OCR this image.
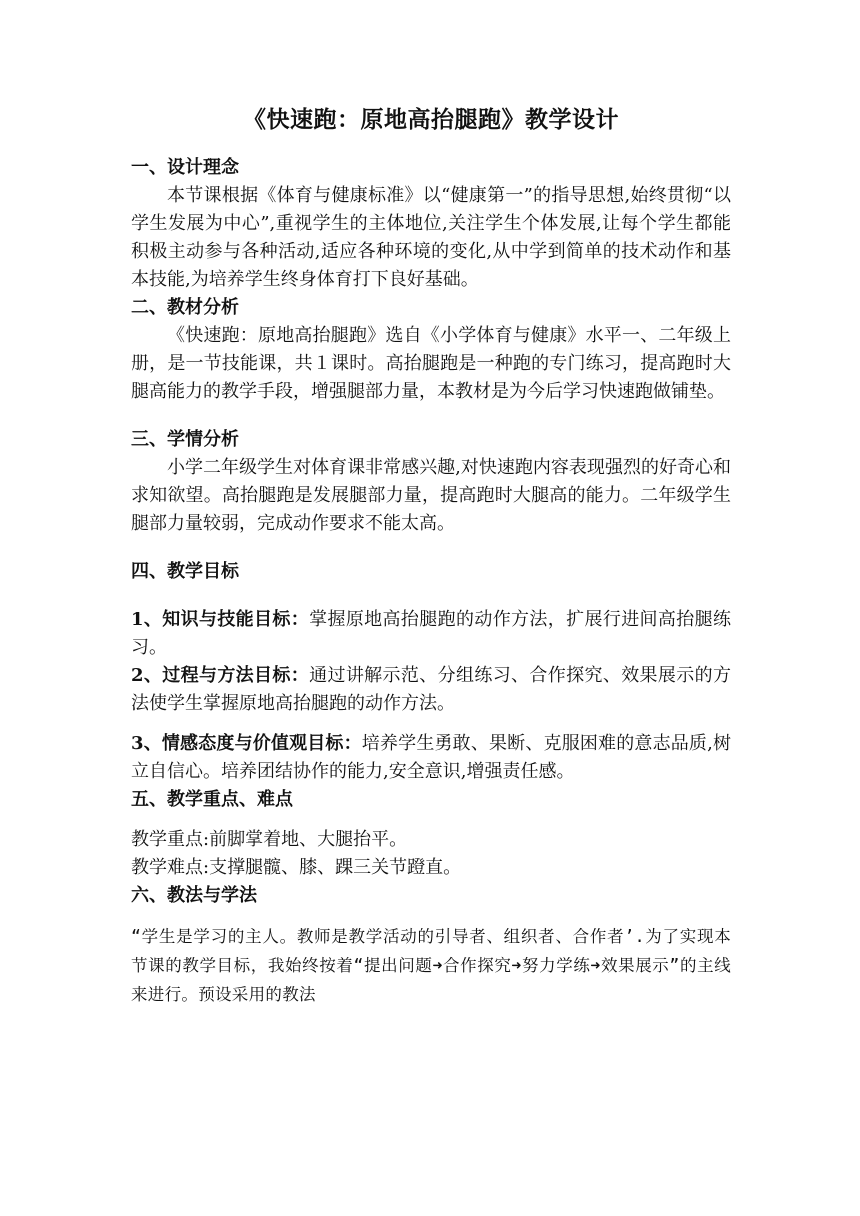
《快速跑：原地高抬腿跑》教学设计
一、设计理念

本节课根据《体育与健康标准》以“健康第一”的指导思想,始终贯彻“以学生发展为中心”,重视学生的主体地位,关注学生个体发展,让每个学生都能积极主动参与各种活动,适应各种环境的变化,从中学到简单的技术动作和基本技能,为培养学生终身体育打下良好基础。

二、教材分析

《快速跑：原地高抬腿跑》选自《小学体育与健康》水平一、二年级上册，是一节技能课，共１课时。高抬腿跑是一种跑的专门练习，提高跑时大腿高能力的教学手段，增强腿部力量，本教材是为今后学习快速跑做铺垫。

三、学情分析

小学二年级学生对体育课非常感兴趣,对快速跑内容表现强烈的好奇心和求知欲望。高抬腿跑是发展腿部力量，提高跑时大腿高的能力。二年级学生腿部力量较弱，完成动作要求不能太高。

四、教学目标

1、知识与技能目标：掌握原地高抬腿跑的动作方法，扩展行进间高抬腿练习。

2、过程与方法目标：通过讲解示范、分组练习、合作探究、效果展示的方法使学生掌握原地高抬腿跑的动作方法。

3、情感态度与价值观目标：培养学生勇敢、果断、克服困难的意志品质,树立自信心。培养团结协作的能力,安全意识,增强责任感。

五、教学重点、难点

教学重点:前脚掌着地、大腿抬平。

教学难点:支撑腿髋、膝、踝三关节蹬直。

六、教法与学法

“学生是学习的主人。教师是教学活动的引导者、组织者、合作者’.为了实现本节课的教学目标，我始终按着“提出问题➜合作探究➜努力学练➜效果展示”的主线来进行。预设采用的教法
